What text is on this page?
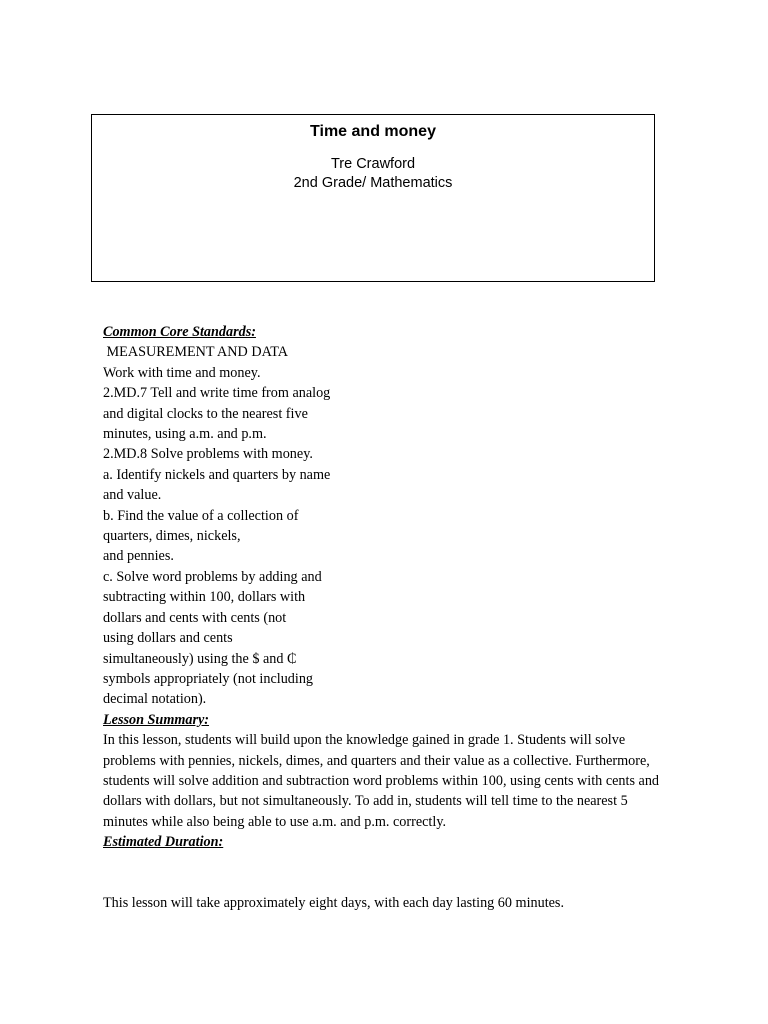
Time and money
Tre Crawford
2nd Grade/ Mathematics
Common Core Standards:
MEASUREMENT AND DATA
Work with time and money.
2.MD.7 Tell and write time from analog
and digital clocks to the nearest five
minutes, using a.m. and p.m.
2.MD.8 Solve problems with money.
a. Identify nickels and quarters by name
and value.
b. Find the value of a collection of
quarters, dimes, nickels,
and pennies.
c. Solve word problems by adding and
subtracting within 100, dollars with
dollars and cents with cents (not
using dollars and cents
simultaneously) using the $ and ₵
symbols appropriately (not including
decimal notation).
Lesson Summary:
In this lesson, students will build upon the knowledge gained in grade 1. Students will solve problems with pennies, nickels, dimes, and quarters and their value as a collective. Furthermore, students will solve addition and subtraction word problems within 100, using cents with cents and dollars with dollars, but not simultaneously. To add in, students will tell time to the nearest 5 minutes while also being able to use a.m. and p.m. correctly.
Estimated Duration:
This lesson will take approximately eight days, with each day lasting 60 minutes.
